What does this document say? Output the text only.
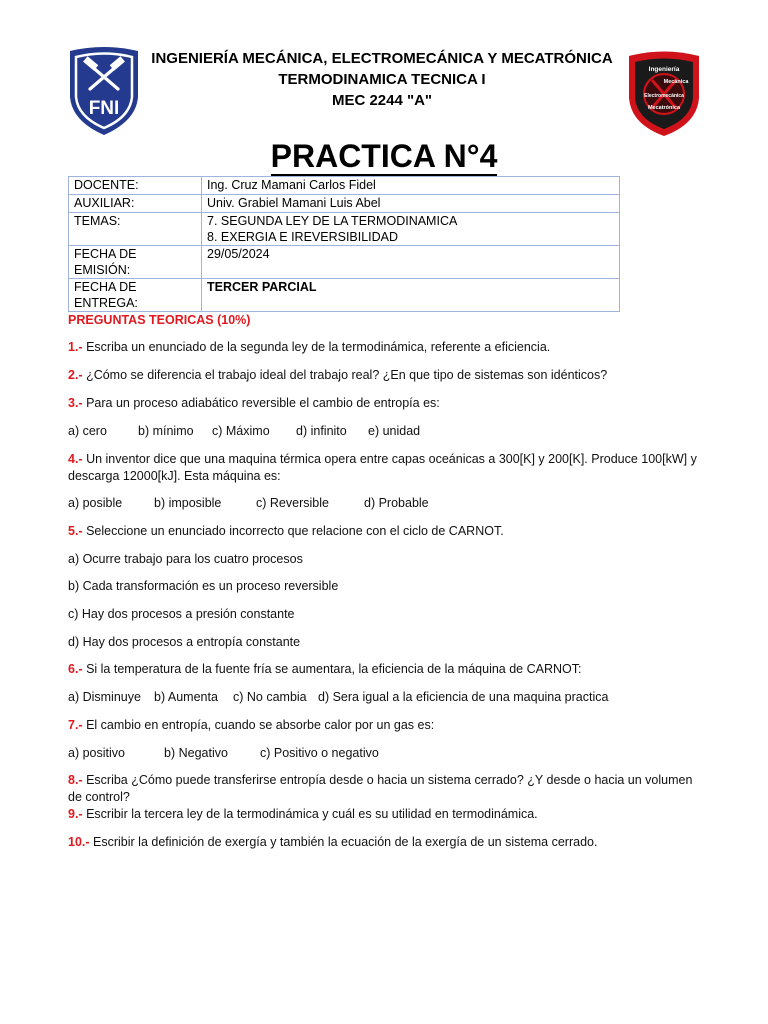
FNI
INGENIERÍA MECÁNICA, ELECTROMECÁNICA Y MECATRÓNICA
TERMODINAMICA TECNICA I
MEC 2244 "A"
Ingeniería
Mecánica
Electromecánica
Mecatrónica
PRACTICA N°4
DOCENTE:	Ing. Cruz Mamani Carlos Fidel
AUXILIAR:	Univ. Grabiel Mamani Luis Abel
TEMAS:	7. SEGUNDA LEY DE LA TERMODINAMICA
8. EXERGIA E IREVERSIBILIDAD

FECHA DE EMISIÓN:	29/05/2024
FECHA DE ENTREGA:	TERCER PARCIAL
PREGUNTAS TEORICAS (10%)
1.- Escriba un enunciado de la segunda ley de la termodinámica, referente a eficiencia.
2.- ¿Cómo se diferencia el trabajo ideal del trabajo real? ¿En que tipo de sistemas son idénticos?
3.- Para un proceso adiabático reversible el cambio de entropía es:
a) cero b) mínimo c) Máximo d) infinito e) unidad
4.- Un inventor dice que una maquina térmica opera entre capas oceánicas a 300[K] y 200[K]. Produce 100[kW] y descarga 12000[kJ]. Esta máquina es:
a) posible	b) imposible	c) Reversible	d) Probable
5.- Seleccione un enunciado incorrecto que relacione con el ciclo de CARNOT.
a) Ocurre trabajo para los cuatro procesos
b) Cada transformación es un proceso reversible
c) Hay dos procesos a presión constante
d) Hay dos procesos a entropía constante
6.- Si la temperatura de la fuente fría se aumentara, la eficiencia de la máquina de CARNOT:
a) Disminuye b) Aumenta c) No cambia d) Sera igual a la eficiencia de una maquina practica
7.- El cambio en entropía, cuando se absorbe calor por un gas es:
a) positivo	b) Negativo	c) Positivo o negativo
8.- Escriba ¿Cómo puede transferirse entropía desde o hacia un sistema cerrado? ¿Y desde o hacia un volumen de control?
9.- Escribir la tercera ley de la termodinámica y cuál es su utilidad en termodinámica.
10.- Escribir la definición de exergía y también la ecuación de la exergía de un sistema cerrado.
